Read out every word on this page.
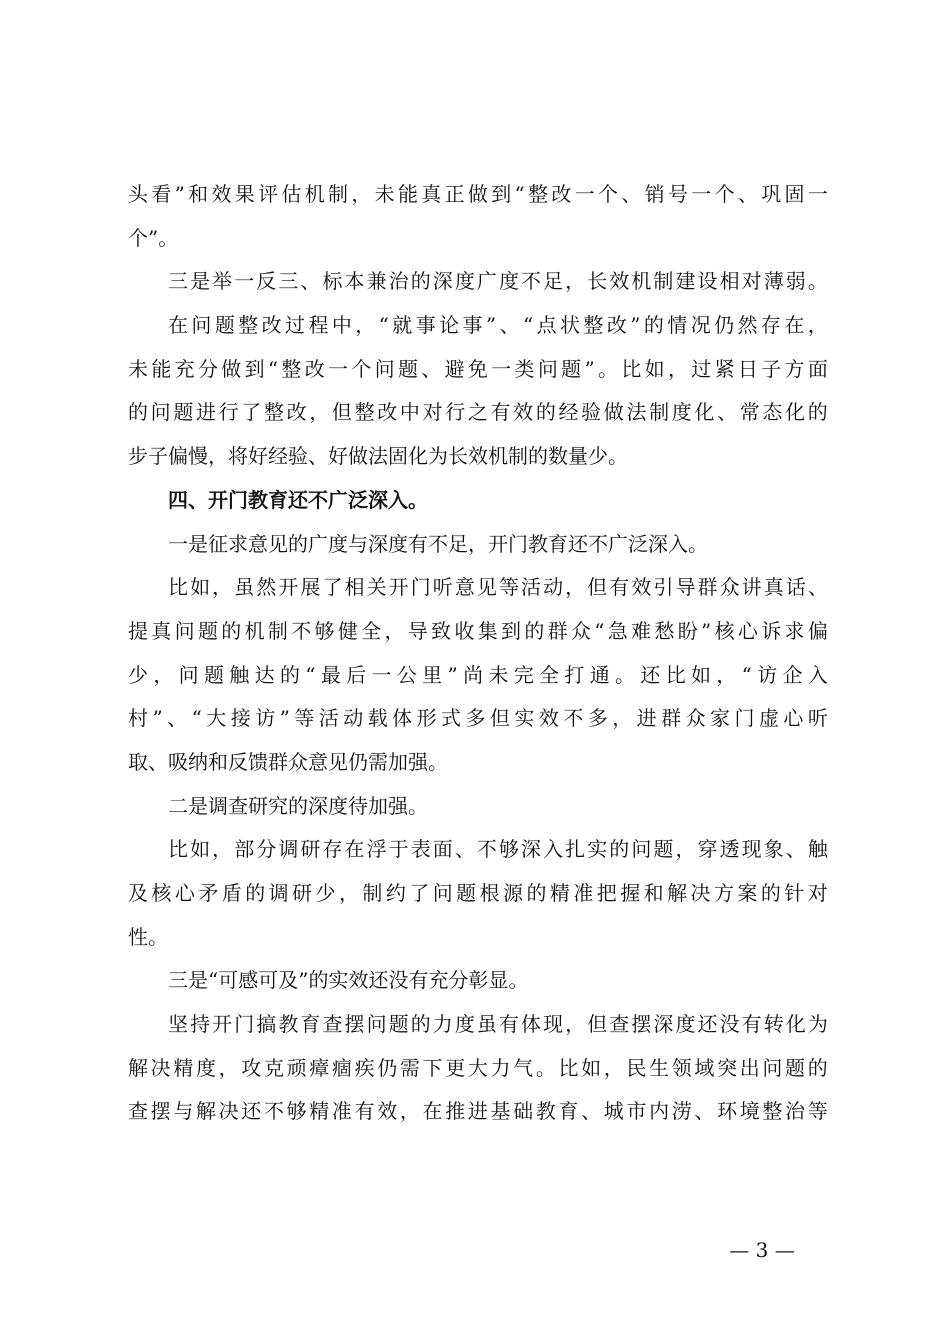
头 看 ” 和 效 果 评 估 机 制 ， 未 能 真 正 做 到 “ 整 改 一 个 、 销 号 一 个 、 巩 固 一
个”。
三 是 举 一 反 三 、 标 本 兼 治 的 深 度 广 度 不 足 ， 长 效 机 制 建 设 相 对 薄 弱 。
在 问 题 整 改 过 程 中 ， “ 就 事 论 事 ” 、 “ 点 状 整 改 ” 的 情 况 仍 然 存 在 ，
未 能 充 分 做 到 “ 整 改 一 个 问 题 、 避 免 一 类 问 题 ” 。 比 如 ， 过 紧 日 子 方 面
的 问 题 进 行 了 整 改 ， 但 整 改 中 对 行 之 有 效 的 经 验 做 法 制 度 化 、 常 态 化 的
步子偏慢，将好经验、好做法固化为长效机制的数量少。
四、开门教育还不广泛深入。
一是征求意见的广度与深度有不足，开门教育还不广泛深入。
比 如 ， 虽 然 开 展 了 相 关 开 门 听 意 见 等 活 动 ， 但 有 效 引 导 群 众 讲 真 话 、
提 真 问 题 的 机 制 不 够 健 全 ， 导 致 收 集 到 的 群 众 “ 急 难 愁 盼 ” 核 心 诉 求 偏
少 ， 问 题 触 达 的 “ 最 后 一 公 里 ” 尚 未 完 全 打 通 。 还 比 如 ， “ 访 企 入
村 ” 、 “ 大 接 访 ” 等 活 动 载 体 形 式 多 但 实 效 不 多 ， 进 群 众 家 门 虚 心 听
取、吸纳和反馈群众意见仍需加强。
二是调查研究的深度待加强。
比 如 ， 部 分 调 研 存 在 浮 于 表 面 、 不 够 深 入 扎 实 的 问 题 ， 穿 透 现 象 、 触
及 核 心 矛 盾 的 调 研 少 ， 制 约 了 问 题 根 源 的 精 准 把 握 和 解 决 方 案 的 针 对
性。
三是“可感可及”的实效还没有充分彰显。
坚 持 开 门 搞 教 育 查 摆 问 题 的 力 度 虽 有 体 现 ， 但 查 摆 深 度 还 没 有 转 化 为
解 决 精 度 ， 攻 克 顽 瘴 痼 疾 仍 需 下 更 大 力 气 。 比 如 ， 民 生 领 域 突 出 问 题 的
查 摆 与 解 决 还 不 够 精 准 有 效 ， 在 推 进 基 础 教 育 、 城 市 内 涝 、 环 境 整 治 等
— 3 —
